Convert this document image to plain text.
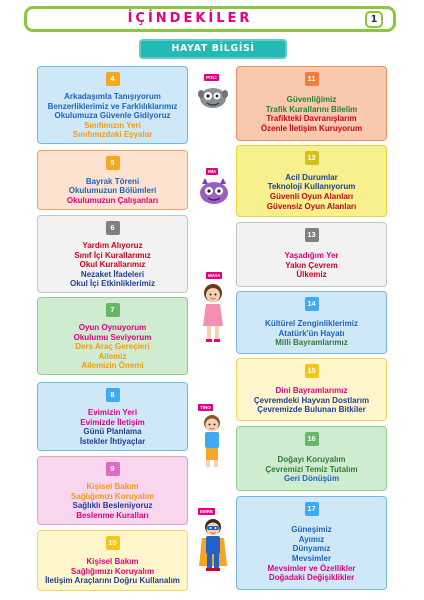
İÇİNDEKİLER	1
HAYAT BİLGİSİ
4
Arkadaşımla Tanışıyorum
Benzerliklerimiz ve Farklılıklarımız
Okulumuza Güvenle Gidiyoruz
Sınıfımızın Yeri
Sınıfımızdaki Eşyalar
5
Bayrak Töreni
Okulumuzun Bölümleri
Okulumuzun Çalışanları
6
Yardım Alıyoruz
Sınıf İçi Kurallarımız
Okul Kurallarımız
Nezaket İfadeleri
Okul İçi Etkinliklerimiz
7
Oyun Oynuyorum
Okulumu Seviyorum
Ders Araç Gereçleri
Ailemiz
Ailemizin Önemi
8
Evimizin Yeri
Evimizde İletişim
Günü Planlama
İstekler İhtiyaçlar
9
Kişisel Bakım
Sağlığımızı Koruyalım
Sağlıklı Besleniyoruz
Beslenme Kuralları
10
Kişisel Bakım
Sağlığımızı Koruyalım
İletişim Araçlarını Doğru Kullanalım
11
Güvenliğimiz
Trafik Kurallarını Bilelim
Trafikteki Davranışlarım
Özenle İletişim Kuruyorum
12
Acil Durumlar
Teknoloji Kullanıyorum
Güvenli Oyun Alanları
Güvensiz Oyun Alanları
13
Yaşadığım Yer
Yakın Çevrem
Ülkemiz
14
Kültürel Zenginliklerimiz
Atatürk'ün Hayatı
Milli Bayramlarımız
15
Dini Bayramlarımız
Çevremdeki Hayvan Dostlarım
Çevremizde Bulunan Bitkiler
16
Doğayı Koruyalım
Çevremizi Temiz Tutalım
Geri Dönüşüm
17
Güneşimiz
Ayımız
Dünyamız
Mevsimler
Mevsimler ve Özellikler
Doğadaki Değişiklikler
POLİ
MİA
MAYA
TİNO
EMRE
